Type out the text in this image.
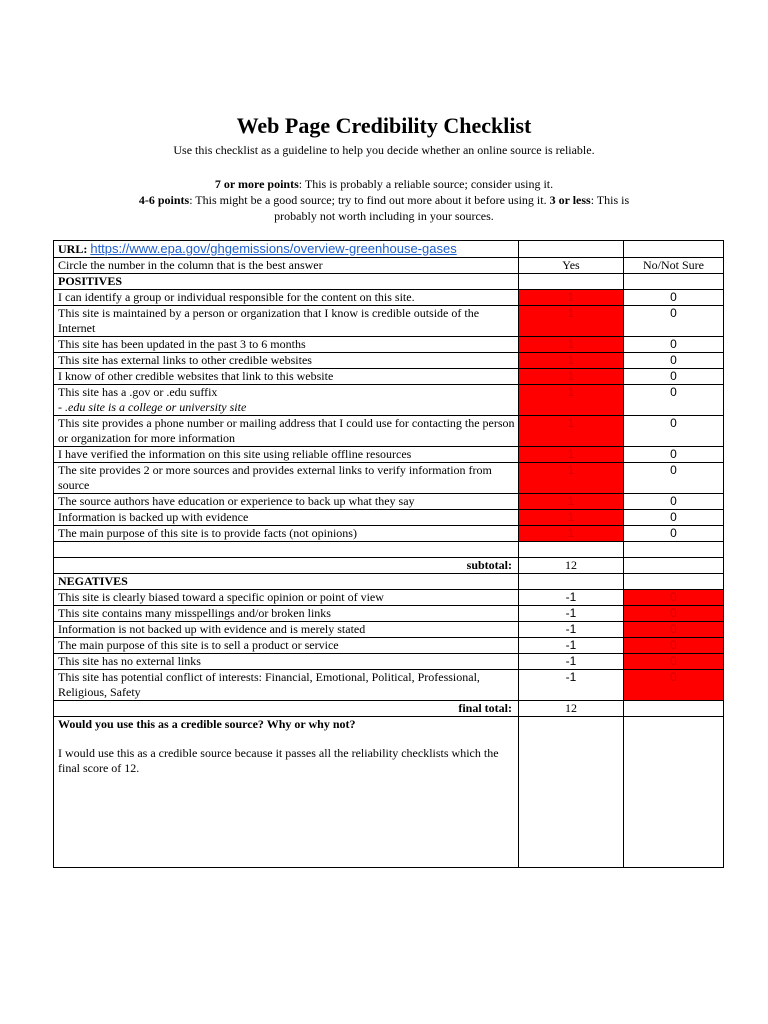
Web Page Credibility Checklist
Use this checklist as a guideline to help you decide whether an online source is reliable.
7 or more points: This is probably a reliable source; consider using it.
4-6 points: This might be a good source; try to find out more about it before using it. 3 or less: This is
probably not worth including in your sources.
URL: https://www.epa.gov/ghgemissions/overview-greenhouse-gases		
Circle the number in the column that is the best answer	Yes	No/Not Sure
POSITIVES		
I can identify a group or individual responsible for the content on this site.	1	0
This site is maintained by a person or organization that I know is credible outside of the Internet	1	0
This site has been updated in the past 3 to 6 months	1	0
This site has external links to other credible websites	1	0
I know of other credible websites that link to this website	1	0
This site has a .gov or .edu suffix
- .edu site is a college or university site	1	0
This site provides a phone number or mailing address that I could use for contacting the person or organization for more information	1	0
I have verified the information on this site using reliable offline resources	1	0
The site provides 2 or more sources and provides external links to verify information from source	1	0
The source authors have education or experience to back up what they say	1	0
Information is backed up with evidence	1	0
The main purpose of this site is to provide facts (not opinions)	1	0

subtotal:	12	
NEGATIVES		
This site is clearly biased toward a specific opinion or point of view	-1	0
This site contains many misspellings and/or broken links	-1	0
Information is not backed up with evidence and is merely stated	-1	0
The main purpose of this site is to sell a product or service	-1	0
This site has no external links	-1	0
This site has potential conflict of interests: Financial, Emotional, Political, Professional, Religious, Safety	-1	0
final total:	12	

Would you use this as a credible source? Why or why not?
I would use this as a credible source because it passes all the reliability checklists which the final score of 12.		
